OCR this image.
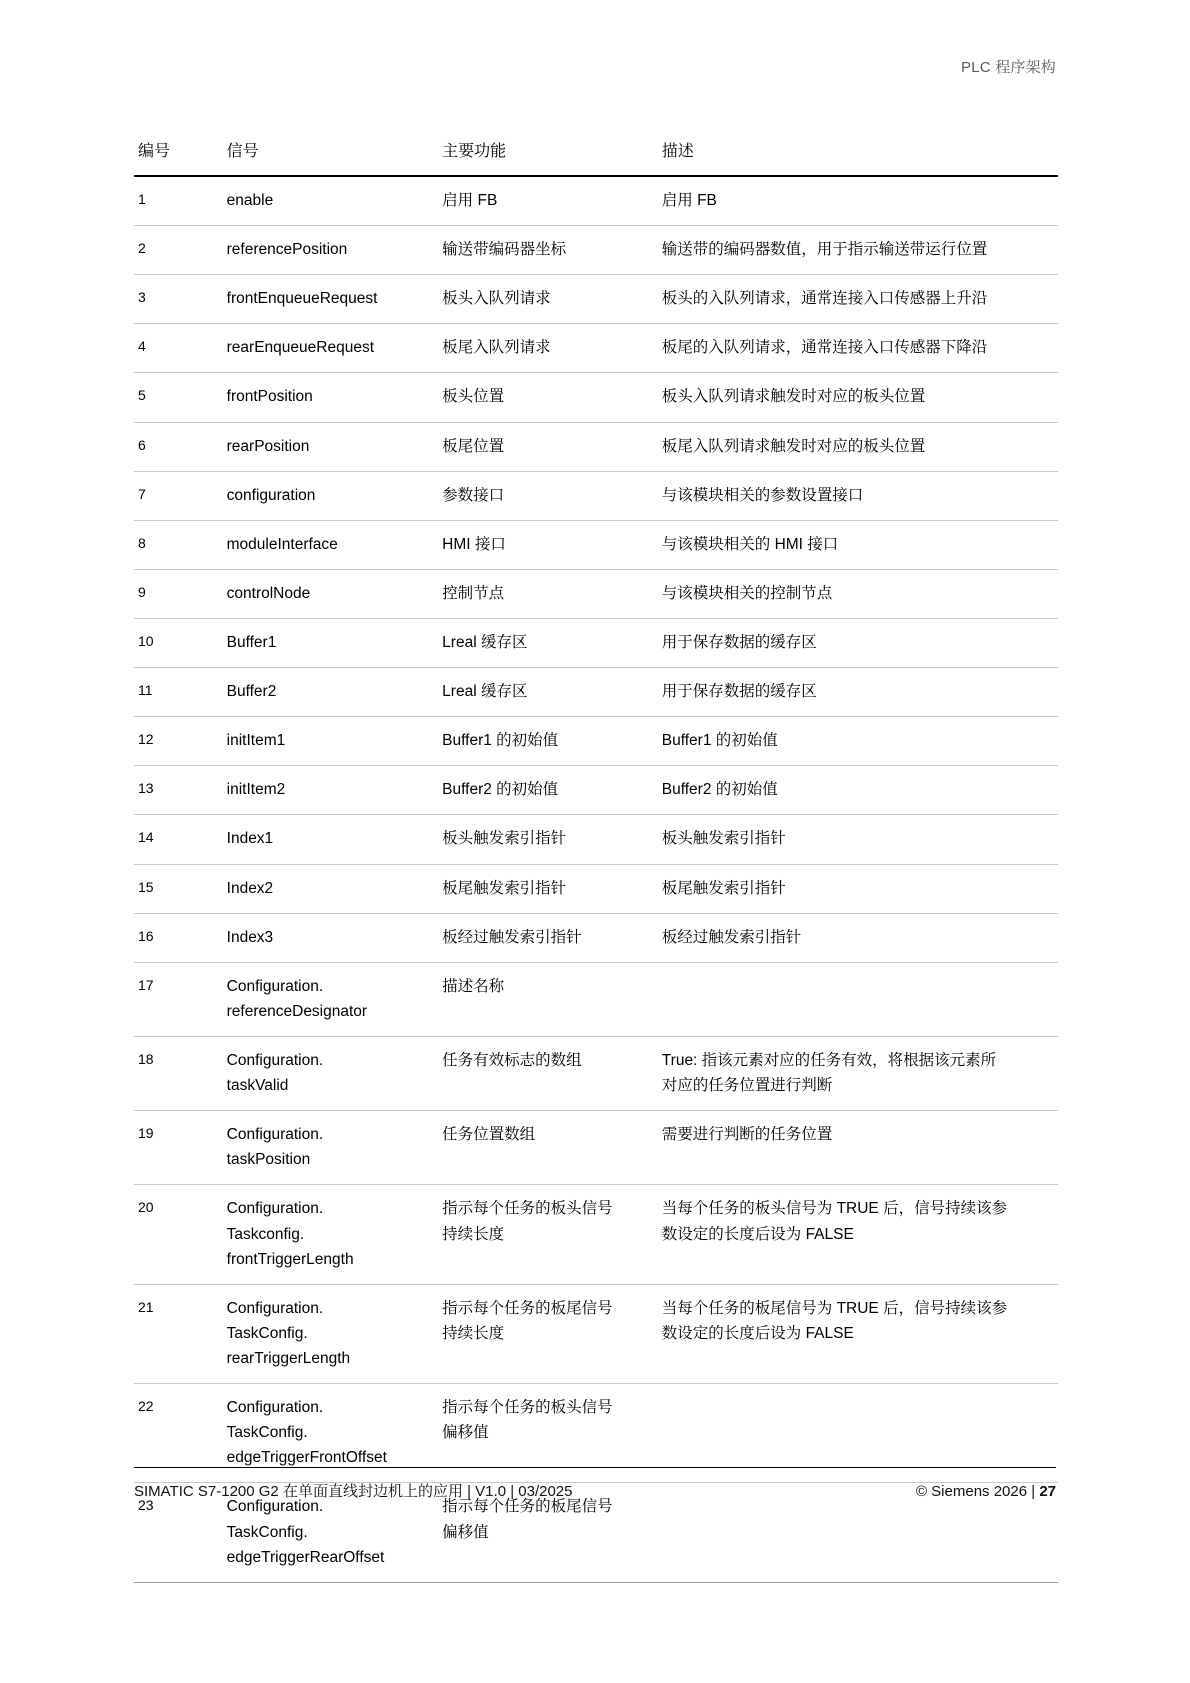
PLC 程序架构
编号	信号	主要功能	描述
1	enable	启用 FB	启用 FB

2	referencePosition	输送带编码器坐标	输送带的编码器数值，用于指示输送带运行位置

3	frontEnqueueRequest	板头入队列请求	板头的入队列请求，通常连接入口传感器上升沿

4	rearEnqueueRequest	板尾入队列请求	板尾的入队列请求，通常连接入口传感器下降沿

5	frontPosition	板头位置	板头入队列请求触发时对应的板头位置

6	rearPosition	板尾位置	板尾入队列请求触发时对应的板头位置

7	configuration	参数接口	与该模块相关的参数设置接口

8	moduleInterface	HMI 接口	与该模块相关的 HMI 接口

9	controlNode	控制节点	与该模块相关的控制节点

10	Buffer1	Lreal 缓存区	用于保存数据的缓存区

11	Buffer2	Lreal 缓存区	用于保存数据的缓存区

12	initItem1	Buffer1 的初始值	Buffer1 的初始值

13	initItem2	Buffer2 的初始值	Buffer2 的初始值

14	Index1	板头触发索引指针	板头触发索引指针

15	Index2	板尾触发索引指针	板尾触发索引指针

16	Index3	板经过触发索引指针	板经过触发索引指针

17	Configuration.
referenceDesignator	描述名称	

18	Configuration.
taskValid	任务有效标志的数组	True: 指该元素对应的任务有效，将根据该元素所
对应的任务位置进行判断

19	Configuration.
taskPosition	任务位置数组	需要进行判断的任务位置

20	Configuration.
Taskconfig.
frontTriggerLength	指示每个任务的板头信号
持续长度	当每个任务的板头信号为 TRUE 后，信号持续该参
数设定的长度后设为 FALSE

21	Configuration.
TaskConfig.
rearTriggerLength	指示每个任务的板尾信号
持续长度	当每个任务的板尾信号为 TRUE 后，信号持续该参
数设定的长度后设为 FALSE

22	Configuration.
TaskConfig.
edgeTriggerFrontOffset	指示每个任务的板头信号
偏移值	

23	Configuration.
TaskConfig.
edgeTriggerRearOffset	指示每个任务的板尾信号
偏移值	

SIMATIC S7-1200 G2 在单面直线封边机上的应用 | V1.0 | 03/2025	© Siemens 2026 | 27
